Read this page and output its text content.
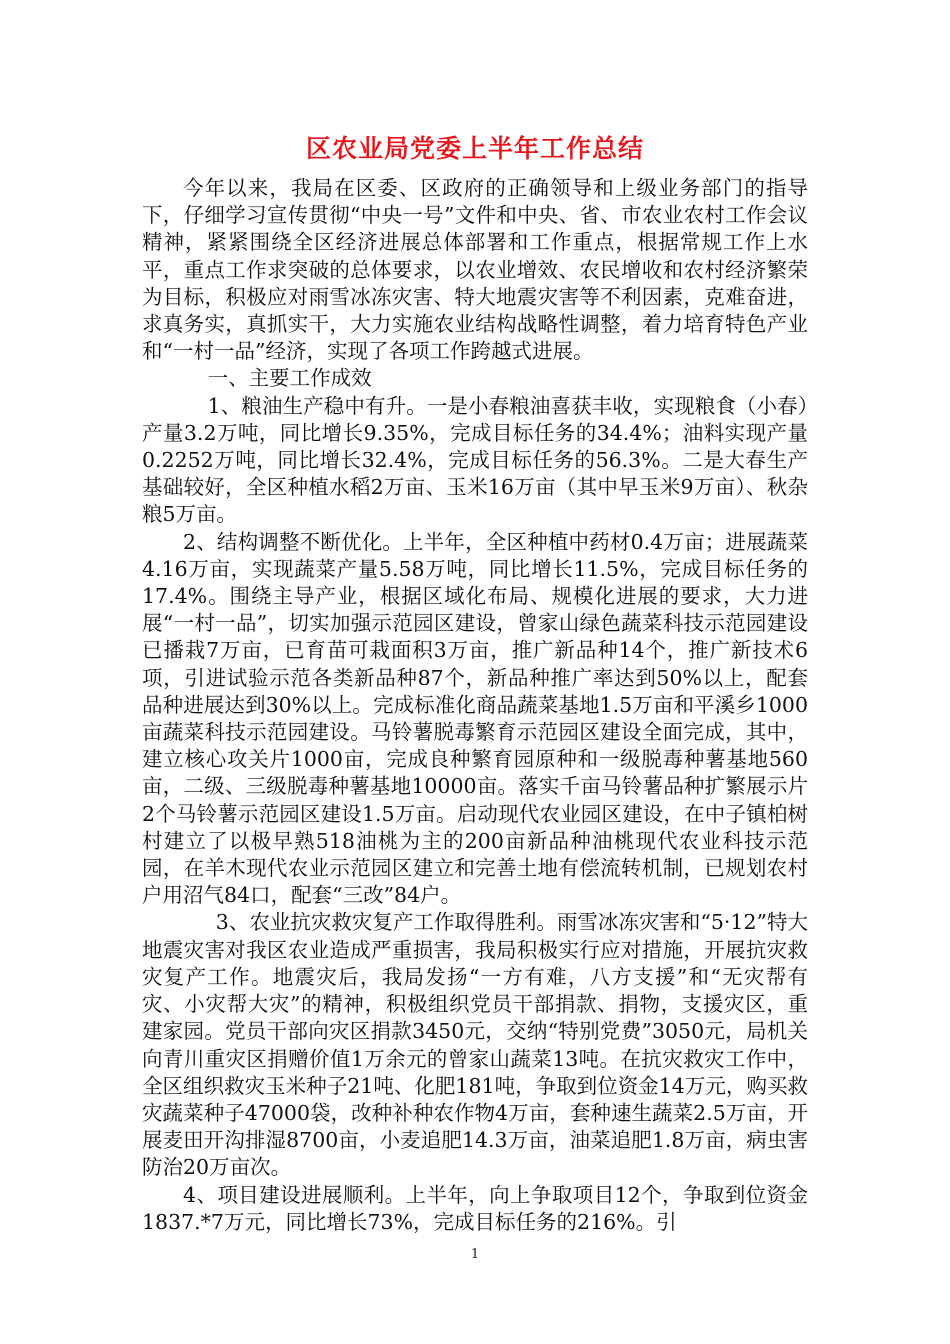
区农业局党委上半年工作总结

今年以来，我局在区委、区政府的正确领导和上级业务部门的指导下，仔细学习宣传贯彻“中央一号”文件和中央、省、市农业农村工作会议精神，紧紧围绕全区经济进展总体部署和工作重点，根据常规工作上水平，重点工作求突破的总体要求，以农业增效、农民增收和农村经济繁荣为目标，积极应对雨雪冰冻灾害、特大地震灾害等不利因素，克难奋进，求真务实，真抓实干，大力实施农业结构战略性调整，着力培育特色产业和“一村一品”经济，实现了各项工作跨越式进展。

一、主要工作成效

1、粮油生产稳中有升。一是小春粮油喜获丰收，实现粮食（小春）产量3.2万吨，同比增长9.35%，完成目标任务的34.4%；油料实现产量0.2252万吨，同比增长32.4%，完成目标任务的56.3%。二是大春生产基础较好，全区种植水稻2万亩、玉米16万亩（其中早玉米9万亩）、秋杂粮5万亩。

2、结构调整不断优化。上半年，全区种植中药材0.4万亩；进展蔬菜4.16万亩，实现蔬菜产量5.58万吨，同比增长11.5%，完成目标任务的17.4%。围绕主导产业，根据区域化布局、规模化进展的要求，大力进展“一村一品”，切实加强示范园区建设，曾家山绿色蔬菜科技示范园建设已播栽7万亩，已育苗可栽面积3万亩，推广新品种14个，推广新技术6项，引进试验示范各类新品种87个，新品种推广率达到50%以上，配套品种进展达到30%以上。完成标准化商品蔬菜基地1.5万亩和平溪乡1000亩蔬菜科技示范园建设。马铃薯脱毒繁育示范园区建设全面完成，其中，建立核心攻关片1000亩，完成良种繁育园原种和一级脱毒种薯基地560亩，二级、三级脱毒种薯基地10000亩。落实千亩马铃薯品种扩繁展示片2个马铃薯示范园区建设1.5万亩。启动现代农业园区建设，在中子镇柏树村建立了以极早熟518油桃为主的200亩新品种油桃现代农业科技示范园，在羊木现代农业示范园区建立和完善土地有偿流转机制，已规划农村户用沼气84口，配套“三改”84户。

3、农业抗灾救灾复产工作取得胜利。雨雪冰冻灾害和“5·12”特大地震灾害对我区农业造成严重损害，我局积极实行应对措施，开展抗灾救灾复产工作。地震灾后，我局发扬“一方有难，八方支援”和“无灾帮有灾、小灾帮大灾”的精神，积极组织党员干部捐款、捐物，支援灾区，重建家园。党员干部向灾区捐款3450元，交纳“特别党费”3050元，局机关向青川重灾区捐赠价值1万余元的曾家山蔬菜13吨。在抗灾救灾工作中，全区组织救灾玉米种子21吨、化肥181吨，争取到位资金14万元，购买救灾蔬菜种子47000袋，改种补种农作物4万亩，套种速生蔬菜2.5万亩，开展麦田开沟排湿8700亩，小麦追肥14.3万亩，油菜追肥1.8万亩，病虫害防治20万亩次。

4、项目建设进展顺利。上半年，向上争取项目12个，争取到位资金1837.*7万元，同比增长73%，完成目标任务的216%。引

1
